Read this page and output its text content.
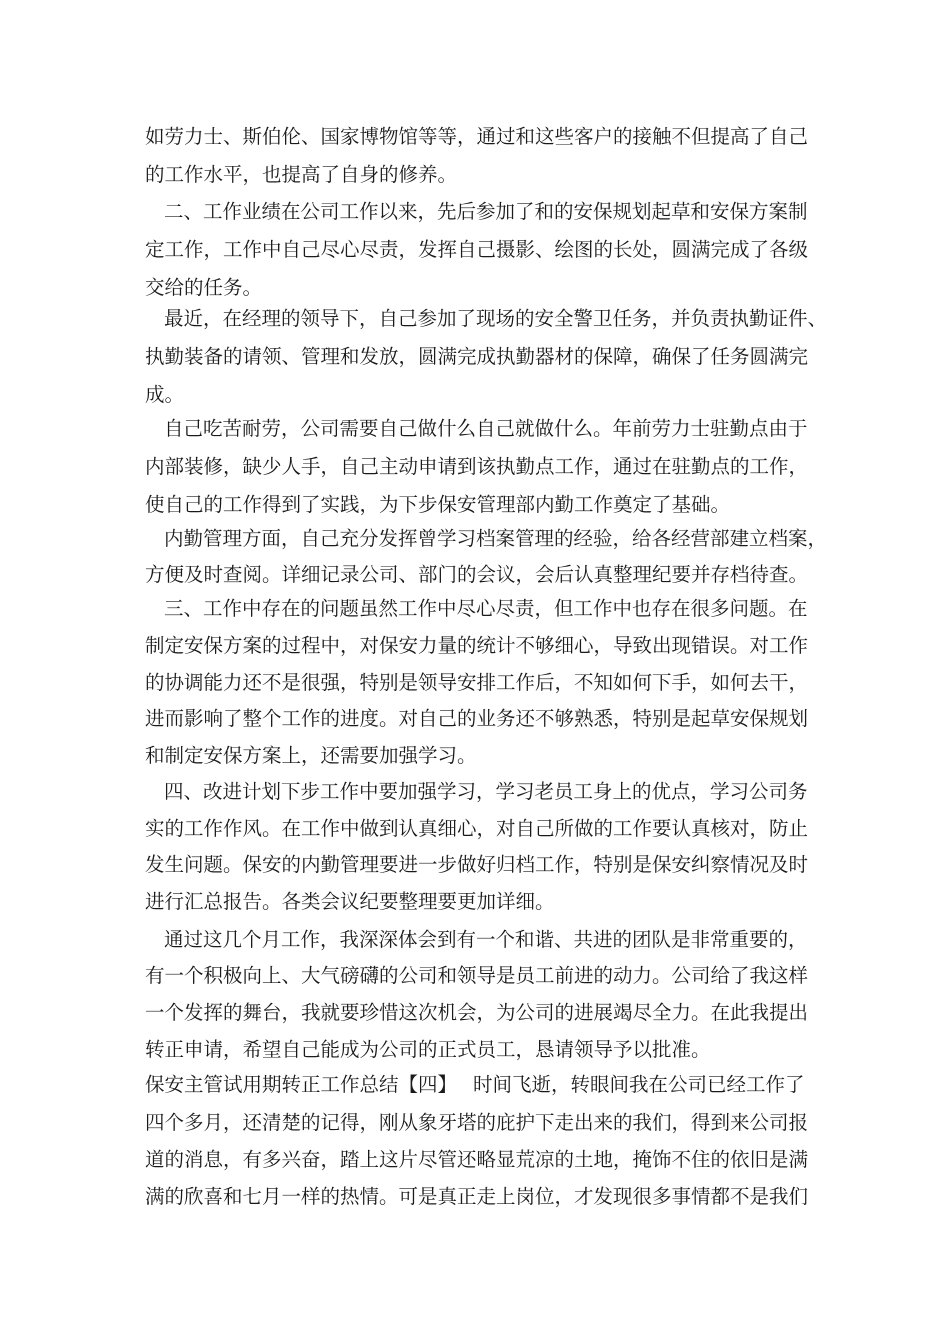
如劳力士、斯伯伦、国家博物馆等等，通过和这些客户的接触不但提高了自己
的工作水平，也提高了自身的修养。
二、工作业绩在公司工作以来，先后参加了和的安保规划起草和安保方案制
定工作，工作中自己尽心尽责，发挥自己摄影、绘图的长处，圆满完成了各级
交给的任务。
最近，在经理的领导下，自己参加了现场的安全警卫任务，并负责执勤证件、
执勤装备的请领、管理和发放，圆满完成执勤器材的保障，确保了任务圆满完
成。
自己吃苦耐劳，公司需要自己做什么自己就做什么。年前劳力士驻勤点由于
内部装修，缺少人手，自己主动申请到该执勤点工作，通过在驻勤点的工作，
使自己的工作得到了实践，为下步保安管理部内勤工作奠定了基础。
内勤管理方面，自己充分发挥曾学习档案管理的经验，给各经营部建立档案，
方便及时查阅。详细记录公司、部门的会议，会后认真整理纪要并存档待查。
三、工作中存在的问题虽然工作中尽心尽责，但工作中也存在很多问题。在
制定安保方案的过程中，对保安力量的统计不够细心，导致出现错误。对工作
的协调能力还不是很强，特别是领导安排工作后，不知如何下手，如何去干，
进而影响了整个工作的进度。对自己的业务还不够熟悉，特别是起草安保规划
和制定安保方案上，还需要加强学习。
四、改进计划下步工作中要加强学习，学习老员工身上的优点，学习公司务
实的工作作风。在工作中做到认真细心，对自己所做的工作要认真核对，防止
发生问题。保安的内勤管理要进一步做好归档工作，特别是保安纠察情况及时
进行汇总报告。各类会议纪要整理要更加详细。
通过这几个月工作，我深深体会到有一个和谐、共进的团队是非常重要的，
有一个积极向上、大气磅礴的公司和领导是员工前进的动力。公司给了我这样
一个发挥的舞台，我就要珍惜这次机会，为公司的进展竭尽全力。在此我提出
转正申请，希望自己能成为公司的正式员工，恳请领导予以批准。
保安主管试用期转正工作总结【四】　 时间飞逝，转眼间我在公司已经工作了
四个多月，还清楚的记得，刚从象牙塔的庇护下走出来的我们，得到来公司报
道的消息，有多兴奋，踏上这片尽管还略显荒凉的土地，掩饰不住的依旧是满
满的欣喜和七月一样的热情。可是真正走上岗位，才发现很多事情都不是我们
